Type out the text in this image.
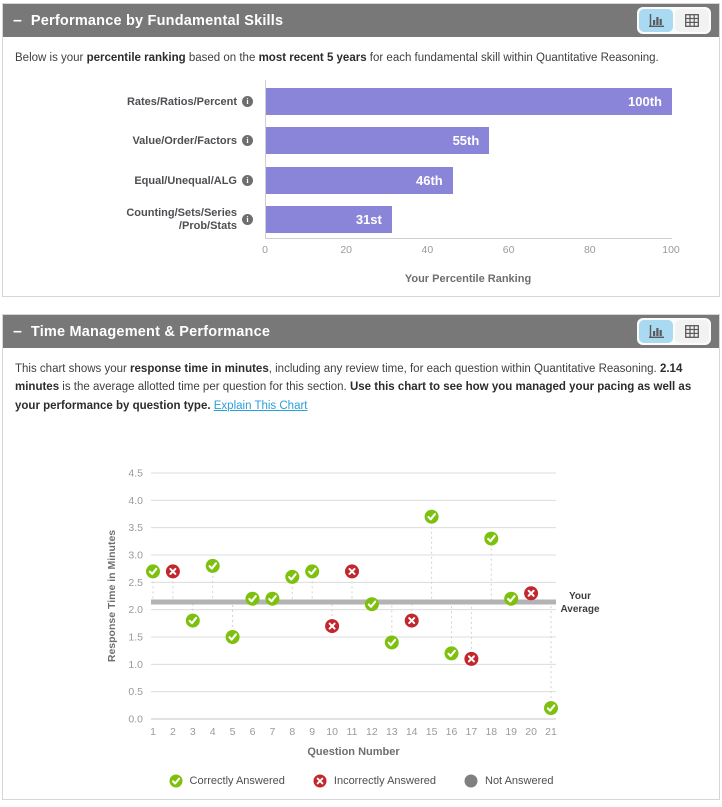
– Performance by Fundamental Skills

Below is your percentile ranking based on the most recent 5 years for each fundamental skill within Quantitative Reasoning.

Your Percentile Ranking
Rates/Ratios/Percent i	100th
Value/Order/Factors i	55th
Equal/Unequal/ALG i	46th
Counting/Sets/Series
/Prob/Stats i	31st
0	20	40	60	80	100
– Time Management & Performance

This chart shows your response time in minutes, including any review time, for each question within Quantitative Reasoning. 2.14 minutes is the average allotted time per question for this section. Use this chart to see how you managed your pacing as well as your performance by question type. Explain This Chart

0.0
0.5
1.0
1.5
2.0
2.5
3.0
3.5
4.0
4.5
Response Time in Minutes	Your
Average
1 2 3 4 5 6 7 8 9 10 11 12 13 14 15 16 17 18 19 20 21
Question Number
Correctly Answered	Incorrectly Answered	Not Answered
